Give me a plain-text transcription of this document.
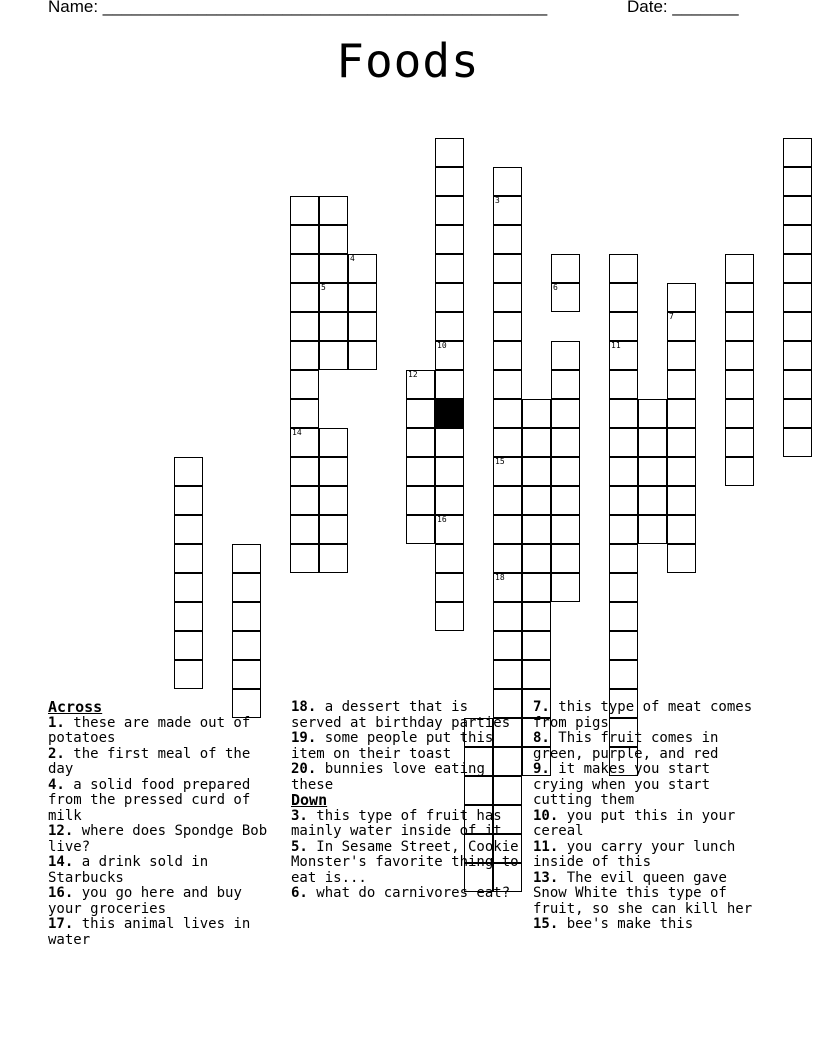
Name: _______________________________________________	Date: _______
Foods
3
15
18
10
16
14
5
11
6
4
12
7
Across
1. these are made out of potatoes
2. the first meal of the day
4. a solid food prepared from the pressed curd of milk
12. where does Spondge Bob live?
14. a drink sold in Starbucks
16. you go here and buy your groceries
17. this animal lives in water
18. a dessert that is served at birthday parties
19. some people put this item on their toast
20. bunnies love eating these
Down
3. this type of fruit has mainly water inside of it
5. In Sesame Street, Cookie Monster's favorite thing to eat is...
6. what do carnivores eat?
7. this type of meat comes from pigs
8. This fruit comes in green, purple, and red
9. it makes you start crying when you start cutting them
10. you put this in your cereal
11. you carry your lunch inside of this
13. The evil queen gave Snow White this type of fruit, so she can kill her
15. bee's make this
